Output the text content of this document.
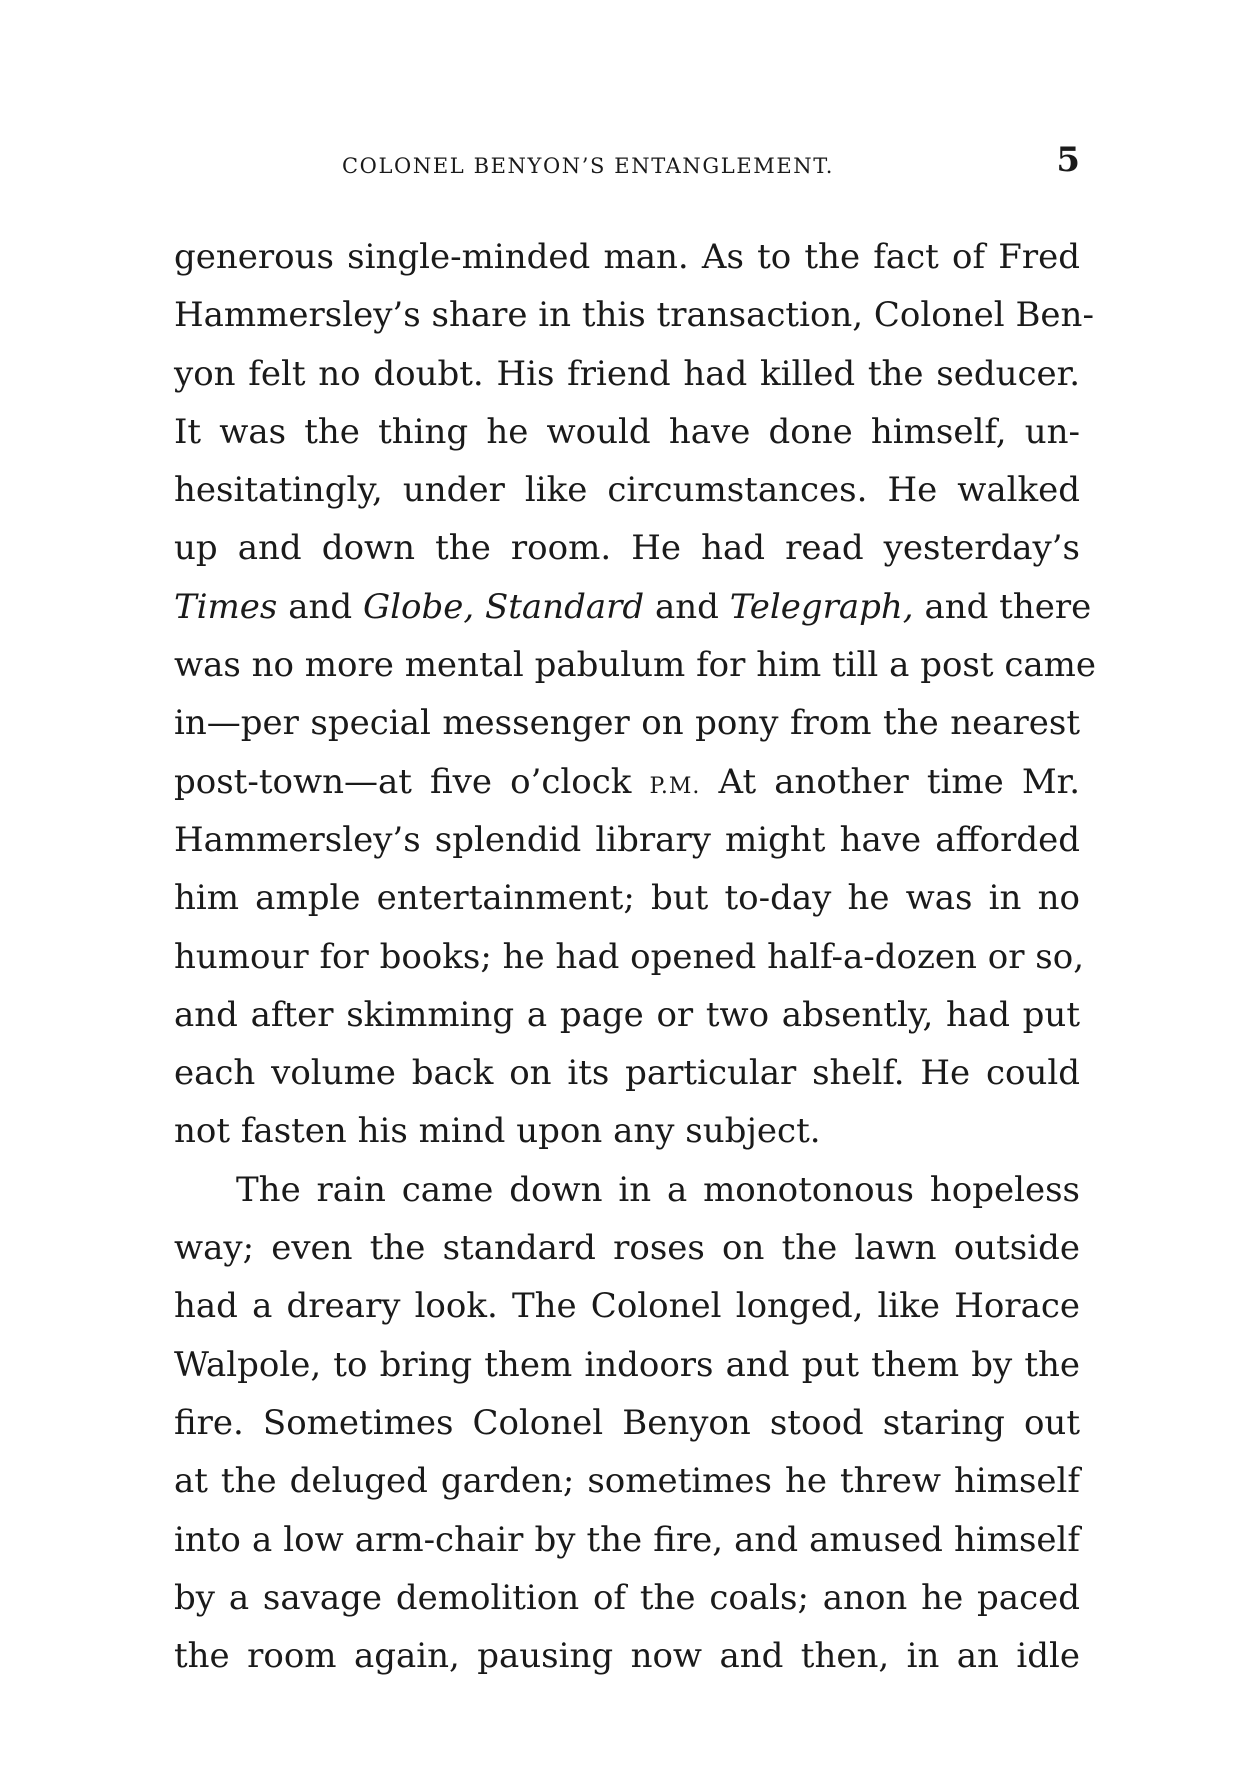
COLONEL BENYON’S ENTANGLEMENT.	5
generous single-minded man. As to the fact of Fred
Hammersley’s share in this transaction, Colonel Ben-
yon felt no doubt. His friend had killed the seducer.
It was the thing he would have done himself, un-
hesitatingly, under like circumstances. He walked
up and down the room. He had read yesterday’s
Times and Globe, Standard and Telegraph, and there
was no more mental pabulum for him till a post came
in—per special messenger on pony from the nearest
post-town—at five o’clock P.M. At another time Mr.
Hammersley’s splendid library might have afforded
him ample entertainment; but to-day he was in no
humour for books; he had opened half-a-dozen or so,
and after skimming a page or two absently, had put
each volume back on its particular shelf. He could
not fasten his mind upon any subject.
The rain came down in a monotonous hopeless
way; even the standard roses on the lawn outside
had a dreary look. The Colonel longed, like Horace
Walpole, to bring them indoors and put them by the
fire. Sometimes Colonel Benyon stood staring out
at the deluged garden; sometimes he threw himself
into a low arm-chair by the fire, and amused himself
by a savage demolition of the coals; anon he paced
the room again, pausing now and then, in an idle
